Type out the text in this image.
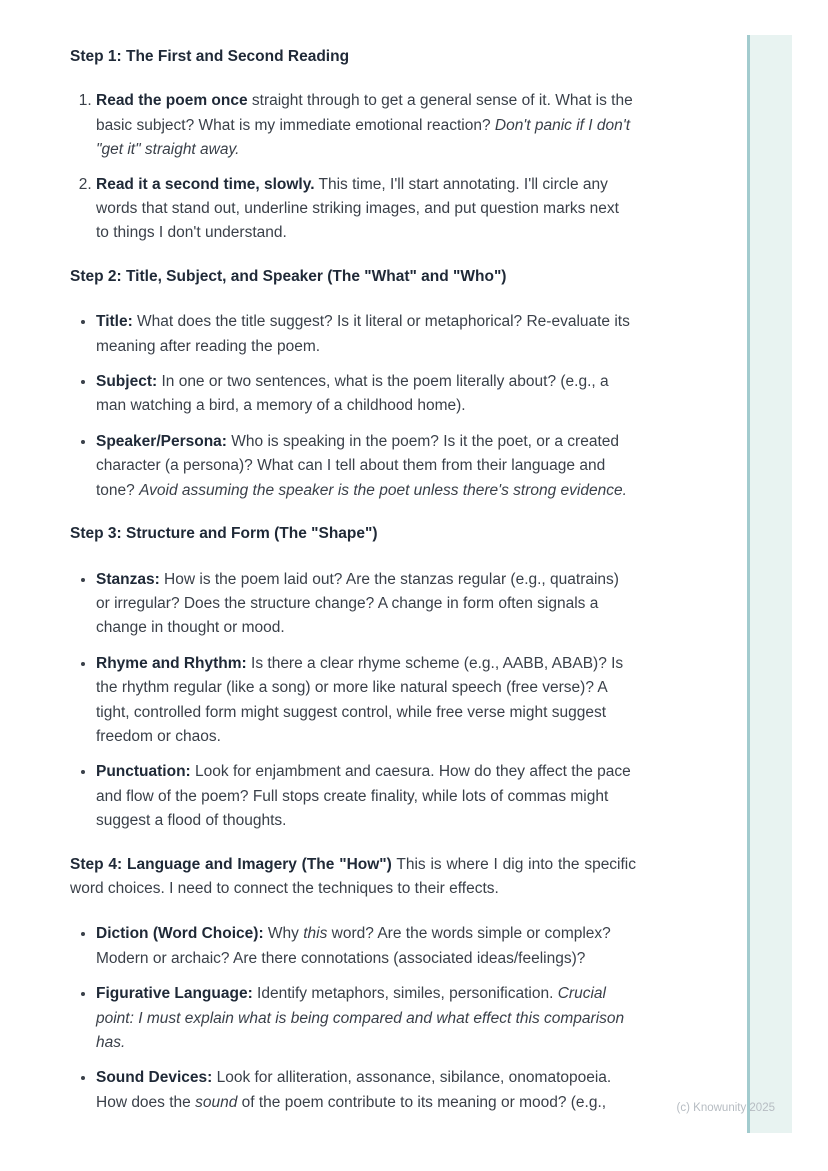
Step 1: The First and Second Reading
1. Read the poem once straight through to get a general sense of it. What is the basic subject? What is my immediate emotional reaction? Don't panic if I don't "get it" straight away.
2. Read it a second time, slowly. This time, I'll start annotating. I'll circle any words that stand out, underline striking images, and put question marks next to things I don't understand.
Step 2: Title, Subject, and Speaker (The "What" and "Who")
• Title: What does the title suggest? Is it literal or metaphorical? Re-evaluate its meaning after reading the poem.
• Subject: In one or two sentences, what is the poem literally about? (e.g., a man watching a bird, a memory of a childhood home).
• Speaker/Persona: Who is speaking in the poem? Is it the poet, or a created character (a persona)? What can I tell about them from their language and tone? Avoid assuming the speaker is the poet unless there's strong evidence.
Step 3: Structure and Form (The "Shape")
• Stanzas: How is the poem laid out? Are the stanzas regular (e.g., quatrains) or irregular? Does the structure change? A change in form often signals a change in thought or mood.
• Rhyme and Rhythm: Is there a clear rhyme scheme (e.g., AABB, ABAB)? Is the rhythm regular (like a song) or more like natural speech (free verse)? A tight, controlled form might suggest control, while free verse might suggest freedom or chaos.
• Punctuation: Look for enjambment and caesura. How do they affect the pace and flow of the poem? Full stops create finality, while lots of commas might suggest a flood of thoughts.

Step 4: Language and Imagery (The "How") This is where I dig into the specific word choices. I need to connect the techniques to their effects.

• Diction (Word Choice): Why this word? Are the words simple or complex? Modern or archaic? Are there connotations (associated ideas/feelings)?
• Figurative Language: Identify metaphors, similes, personification. Crucial point: I must explain what is being compared and what effect this comparison has.
• Sound Devices: Look for alliteration, assonance, sibilance, onomatopoeia. How does the sound of the poem contribute to its meaning or mood? (e.g.,	(c) Knowunity 2025
